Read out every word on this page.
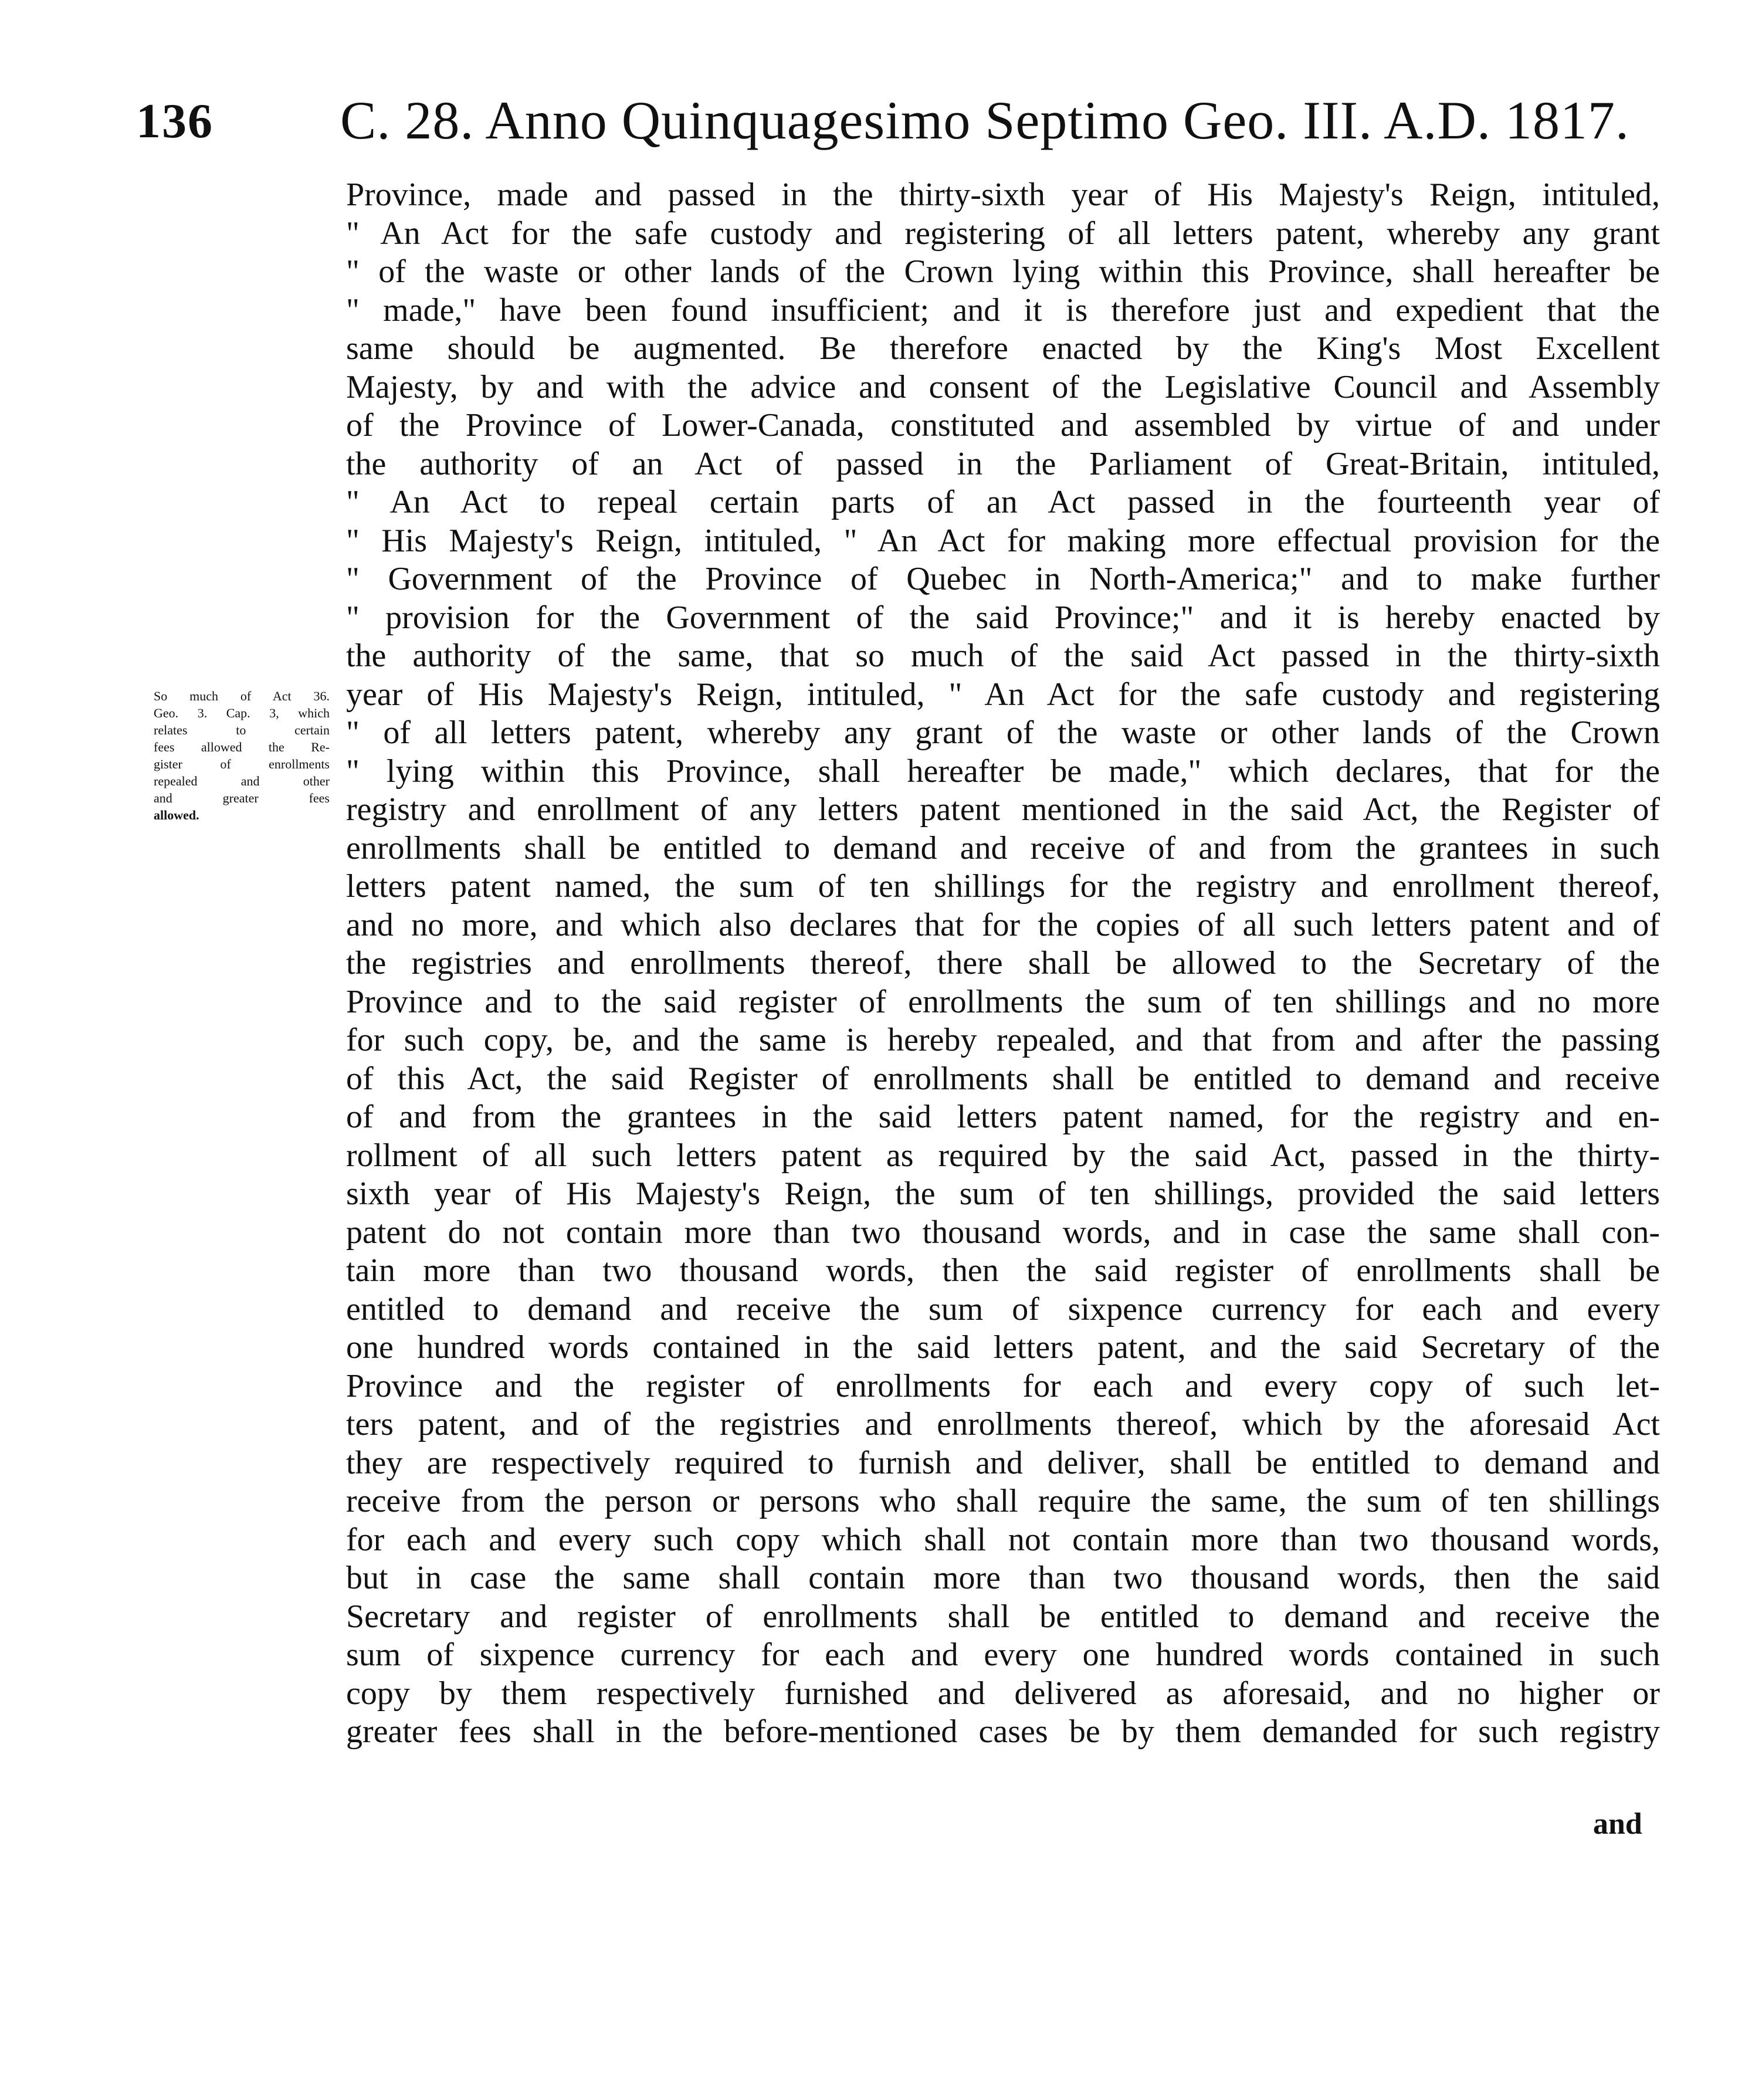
136 C. 28. Anno Quinquagesimo Septimo Geo. III. A.D. 1817.
So much of Act 36.
Geo. 3. Cap. 3, which
relates to certain
fees allowed the Re-
gister of enrollments
repealed and other
and greater fees
allowed.
Province, made and passed in the thirty-sixth year of His Majesty's Reign, intituled,
" An Act for the safe custody and registering of all letters patent, whereby any grant
" of the waste or other lands of the Crown lying within this Province, shall hereafter be
" made," have been found insufficient; and it is therefore just and expedient that the
same should be augmented. Be therefore enacted by the King's Most Excellent
Majesty, by and with the advice and consent of the Legislative Council and Assembly
of the Province of Lower-Canada, constituted and assembled by virtue of and under
the authority of an Act of passed in the Parliament of Great-Britain, intituled,
" An Act to repeal certain parts of an Act passed in the fourteenth year of
" His Majesty's Reign, intituled, " An Act for making more effectual provision for the
" Government of the Province of Quebec in North-America;" and to make further
" provision for the Government of the said Province;" and it is hereby enacted by
the authority of the same, that so much of the said Act passed in the thirty-sixth
year of His Majesty's Reign, intituled, " An Act for the safe custody and registering
" of all letters patent, whereby any grant of the waste or other lands of the Crown
" lying within this Province, shall hereafter be made," which declares, that for the
registry and enrollment of any letters patent mentioned in the said Act, the Register of
enrollments shall be entitled to demand and receive of and from the grantees in such
letters patent named, the sum of ten shillings for the registry and enrollment thereof,
and no more, and which also declares that for the copies of all such letters patent and of
the registries and enrollments thereof, there shall be allowed to the Secretary of the
Province and to the said register of enrollments the sum of ten shillings and no more
for such copy, be, and the same is hereby repealed, and that from and after the passing
of this Act, the said Register of enrollments shall be entitled to demand and receive
of and from the grantees in the said letters patent named, for the registry and en-
rollment of all such letters patent as required by the said Act, passed in the thirty-
sixth year of His Majesty's Reign, the sum of ten shillings, provided the said letters
patent do not contain more than two thousand words, and in case the same shall con-
tain more than two thousand words, then the said register of enrollments shall be
entitled to demand and receive the sum of sixpence currency for each and every
one hundred words contained in the said letters patent, and the said Secretary of the
Province and the register of enrollments for each and every copy of such let-
ters patent, and of the registries and enrollments thereof, which by the aforesaid Act
they are respectively required to furnish and deliver, shall be entitled to demand and
receive from the person or persons who shall require the same, the sum of ten shillings
for each and every such copy which shall not contain more than two thousand words,
but in case the same shall contain more than two thousand words, then the said
Secretary and register of enrollments shall be entitled to demand and receive the
sum of sixpence currency for each and every one hundred words contained in such
copy by them respectively furnished and delivered as aforesaid, and no higher or
greater fees shall in the before-mentioned cases be by them demanded for such registry
and
